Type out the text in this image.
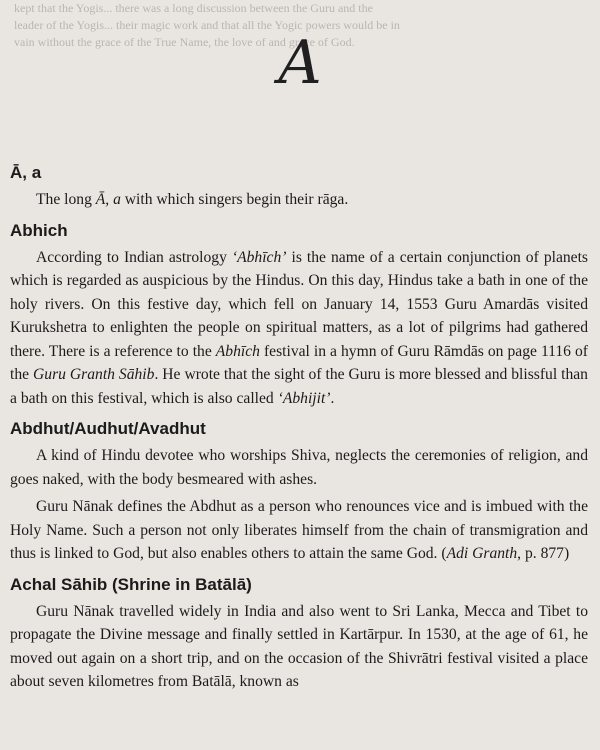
kept that the Yogis... there was a long discussion between the Guru and the

leader of the Yogis... their magic work and that all the Yogic powers would be in

vain without the grace of the True Name, the love of and grace of God.

A
Ā, a

The long Ā, a with which singers begin their rāga.

Abhich

According to Indian astrology ‘Abhīch’ is the name of a certain conjunction of planets which is regarded as auspicious by the Hindus. On this day, Hindus take a bath in one of the holy rivers. On this festive day, which fell on January 14, 1553 Guru Amardās visited Kurukshetra to enlighten the people on spiritual matters, as a lot of pilgrims had gathered there. There is a reference to the Abhīch festival in a hymn of Guru Rāmdās on page 1116 of the Guru Granth Sāhib. He wrote that the sight of the Guru is more blessed and blissful than a bath on this festival, which is also called ‘Abhijit’.

Abdhut/Audhut/Avadhut

A kind of Hindu devotee who worships Shiva, neglects the ceremonies of religion, and goes naked, with the body besmeared with ashes.

Guru Nānak defines the Abdhut as a person who renounces vice and is imbued with the Holy Name. Such a person not only liberates himself from the chain of transmigration and thus is linked to God, but also enables others to attain the same God. (Adi Granth, p. 877)

Achal Sāhib (Shrine in Batālā)

Guru Nānak travelled widely in India and also went to Sri Lanka, Mecca and Tibet to propagate the Divine message and finally settled in Kartārpur. In 1530, at the age of 61, he moved out again on a short trip, and on the occasion of the Shivrātri festival visited a place about seven kilometres from Batālā, known as
